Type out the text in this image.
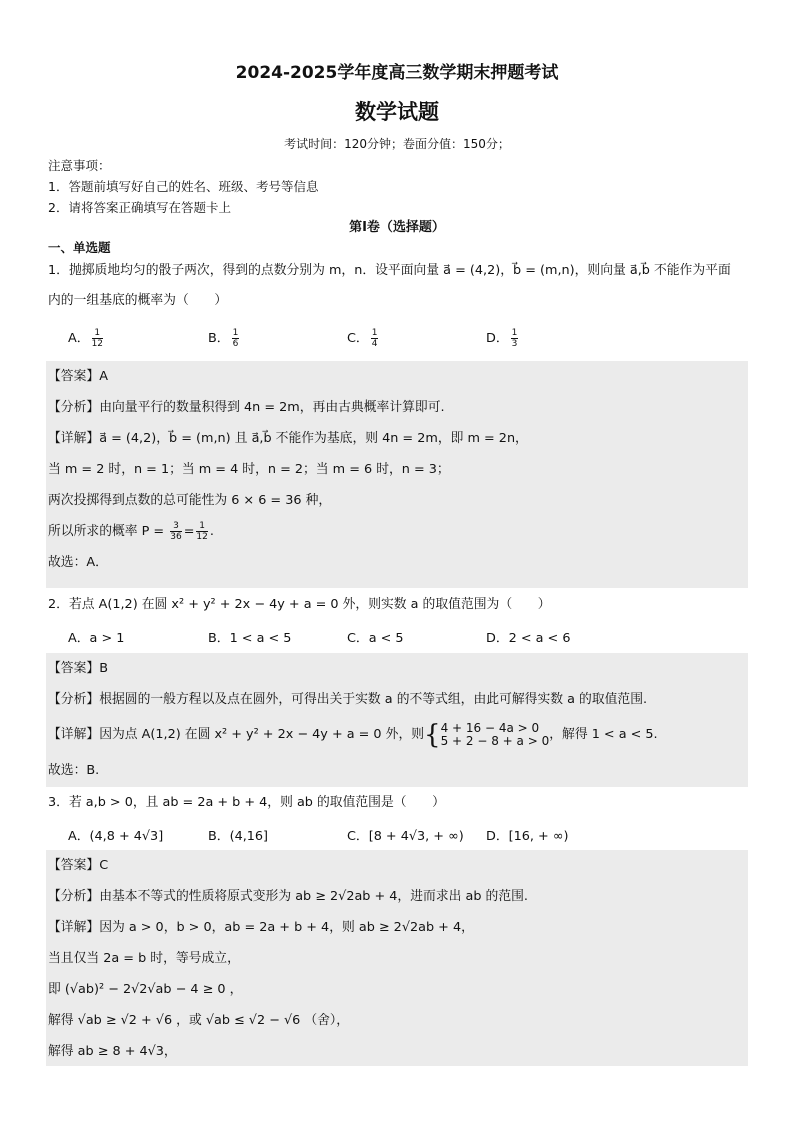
2024-2025学年度高三数学期末押题考试
数学试题
考试时间：120分钟；卷面分值：150分；
注意事项：
1．答题前填写好自己的姓名、班级、考号等信息
2．请将答案正确填写在答题卡上
第I卷（选择题）
一、单选题
1．抛掷质地均匀的骰子两次，得到的点数分别为 m，n．设平面向量 a⃗ = (4,2)，b⃗ = (m,n)，则向量 a⃗,b⃗ 不能作为平面
内的一组基底的概率为（　　）
A． $\frac{1}{12}$	B． $\frac{1}{6}$	C． $\frac{1}{4}$	D． $\frac{1}{3}$
【答案】A
【分析】由向量平行的数量积得到 4n = 2m，再由古典概率计算即可.
【详解】a⃗ = (4,2)，b⃗ = (m,n) 且 a⃗,b⃗ 不能作为基底，则 4n = 2m，即 m = 2n，
当 m = 2 时，n = 1；当 m = 4 时，n = 2；当 m = 6 时，n = 3；
两次投掷得到点数的总可能性为 6 × 6 = 36 种，
所以所求的概率 $P = \frac{3}{36} = \frac{1}{12}$ .
故选：A．
2．若点 A(1,2) 在圆 x² + y² + 2x − 4y + a = 0 外，则实数 a 的取值范围为（　　）
A．a > 1	B．1 < a < 5	C．a < 5	D．2 < a < 6
【答案】B
【分析】根据圆的一般方程以及点在圆外，可得出关于实数 a 的不等式组，由此可解得实数 a 的取值范围.
【详解】因为点 A(1,2) 在圆 x² + y² + 2x − 4y + a = 0 外，则 { 4 + 16 − 4a > 0
5 + 2 − 8 + a > 0 ，解得 1 < a < 5.
故选：B.
3．若 a,b > 0，且 ab = 2a + b + 4，则 ab 的取值范围是（　　）
A．(4,8 + 4√3]	B．(4,16]	C．[8 + 4√3, + ∞)	D．[16, + ∞)
【答案】C
【分析】由基本不等式的性质将原式变形为 ab ≥ 2√2ab + 4，进而求出 ab 的范围.
【详解】因为 a > 0，b > 0，ab = 2a + b + 4，则 ab ≥ 2√2ab + 4，
当且仅当 2a = b 时，等号成立，
即 (√ab)² − 2√2√ab − 4 ≥ 0 ，
解得 √ab ≥ √2 + √6 ，或 √ab ≤ √2 − √6 （舍），
解得 ab ≥ 8 + 4√3，
